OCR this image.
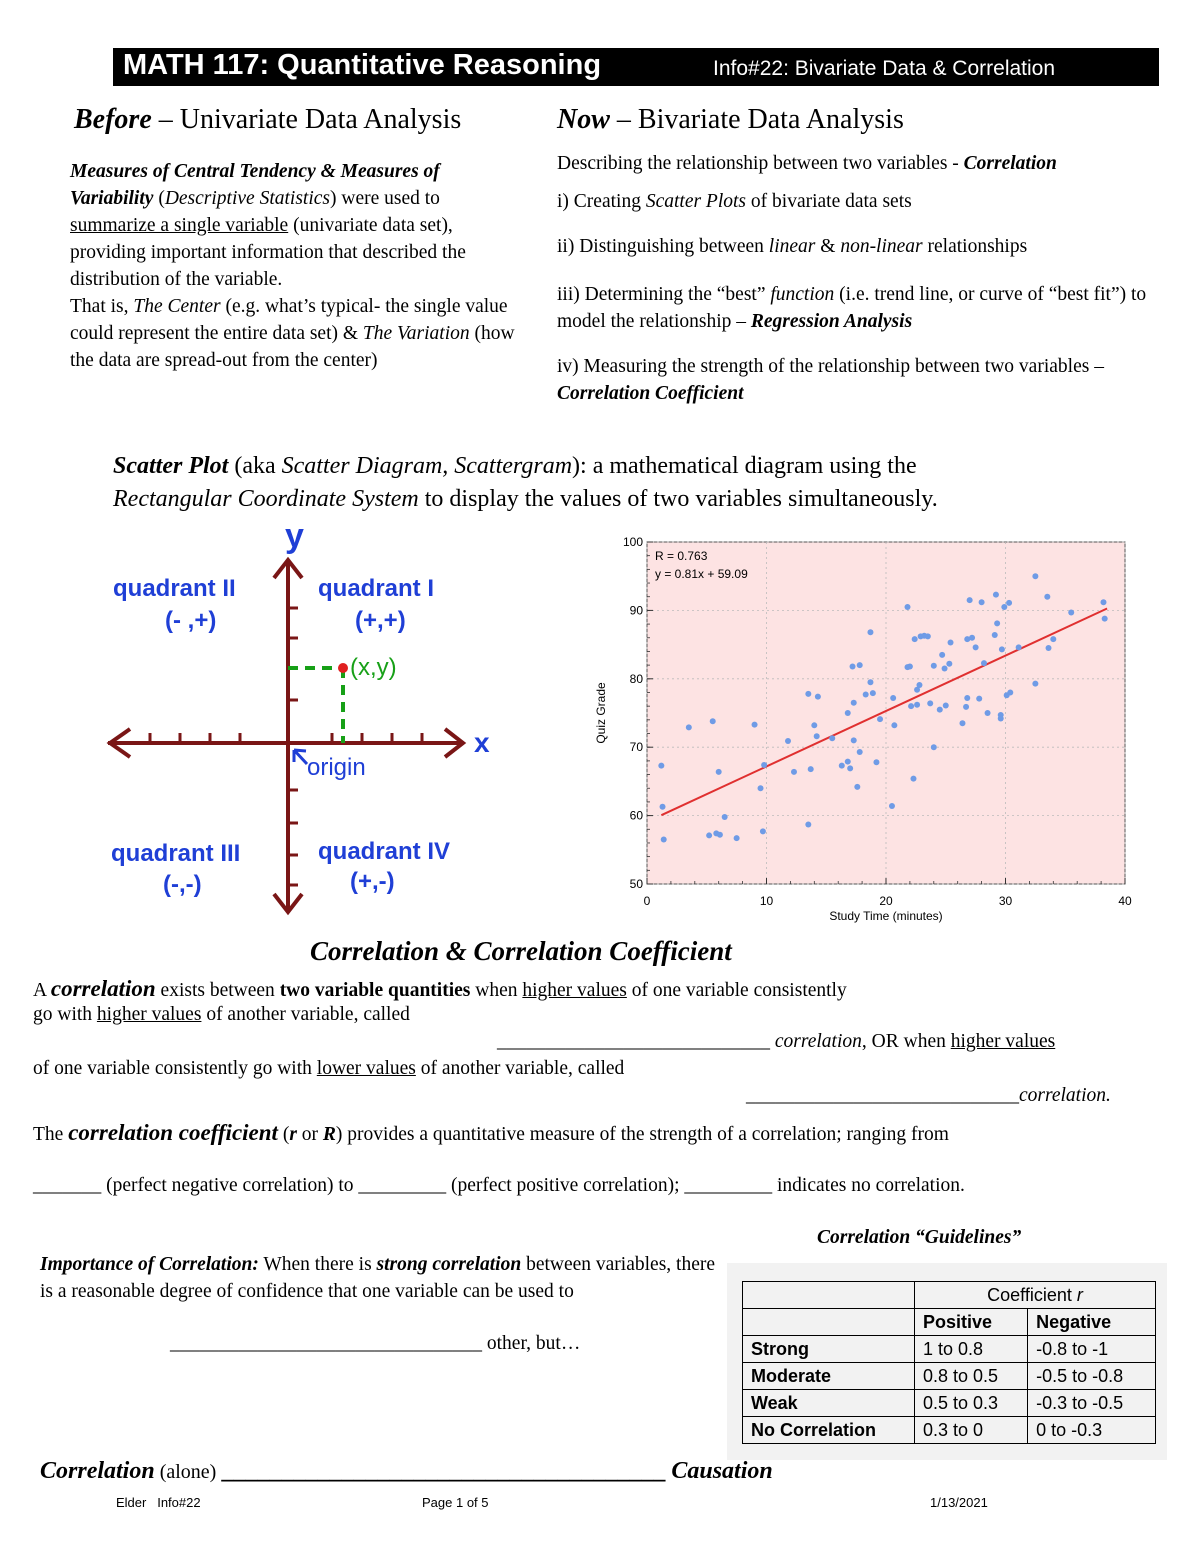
MATH 117: Quantitative Reasoning	Info#22: Bivariate Data & Correlation
Before – Univariate Data Analysis
Measures of Central Tendency & Measures of Variability (Descriptive Statistics) were used to summarize a single variable (univariate data set), providing important information that described the distribution of the variable.
That is, The Center (e.g. what’s typical- the single value could represent the entire data set) & The Variation (how the data are spread-out from the center)
Now – Bivariate Data Analysis
Describing the relationship between two variables - Correlation
i) Creating Scatter Plots of bivariate data sets
ii) Distinguishing between linear & non-linear relationships
iii) Determining the “best” function (i.e. trend line, or curve of “best fit”) to model the relationship – Regression Analysis
iv) Measuring the strength of the relationship between two variables – Correlation Coefficient
Scatter Plot (aka Scatter Diagram, Scattergram): a mathematical diagram using the
Rectangular Coordinate System to display the values of two variables simultaneously.
y
x
quadrant II
(- ,+)
quadrant I
(+,+)
(x,y)
origin
quadrant III
(-,-)
quadrant IV
(+,-)
0	10	20	30	40
50
60
70
80
90
100
R = 0.763
y = 0.81x + 59.09
Study Time (minutes)
Quiz Grade
Correlation & Correlation Coefficient
A correlation exists between two variable quantities when higher values of one variable consistently
go with higher values of another variable, called
____________________________ correlation, OR when higher values
of one variable consistently go with lower values of another variable, called
____________________________correlation.
The correlation coefficient (r or R) provides a quantitative measure of the strength of a correlation; ranging from
_______ (perfect negative correlation) to _________ (perfect positive correlation); _________ indicates no correlation.
Correlation “Guidelines”
	Coefficient r	
	Positive	Negative
Strong	1 to 0.8	-0.8 to -1
Moderate	0.8 to 0.5	-0.5 to -0.8
Weak	0.5 to 0.3	-0.3 to -0.5
No Correlation	0.3 to 0	0 to -0.3
Importance of Correlation: When there is strong correlation between variables, there is a reasonable degree of confidence that one variable can be used to
________________________________ other, but…
Correlation (alone) _____________________________________ Causation
Elder Info#22	Page 1 of 5	1/13/2021
